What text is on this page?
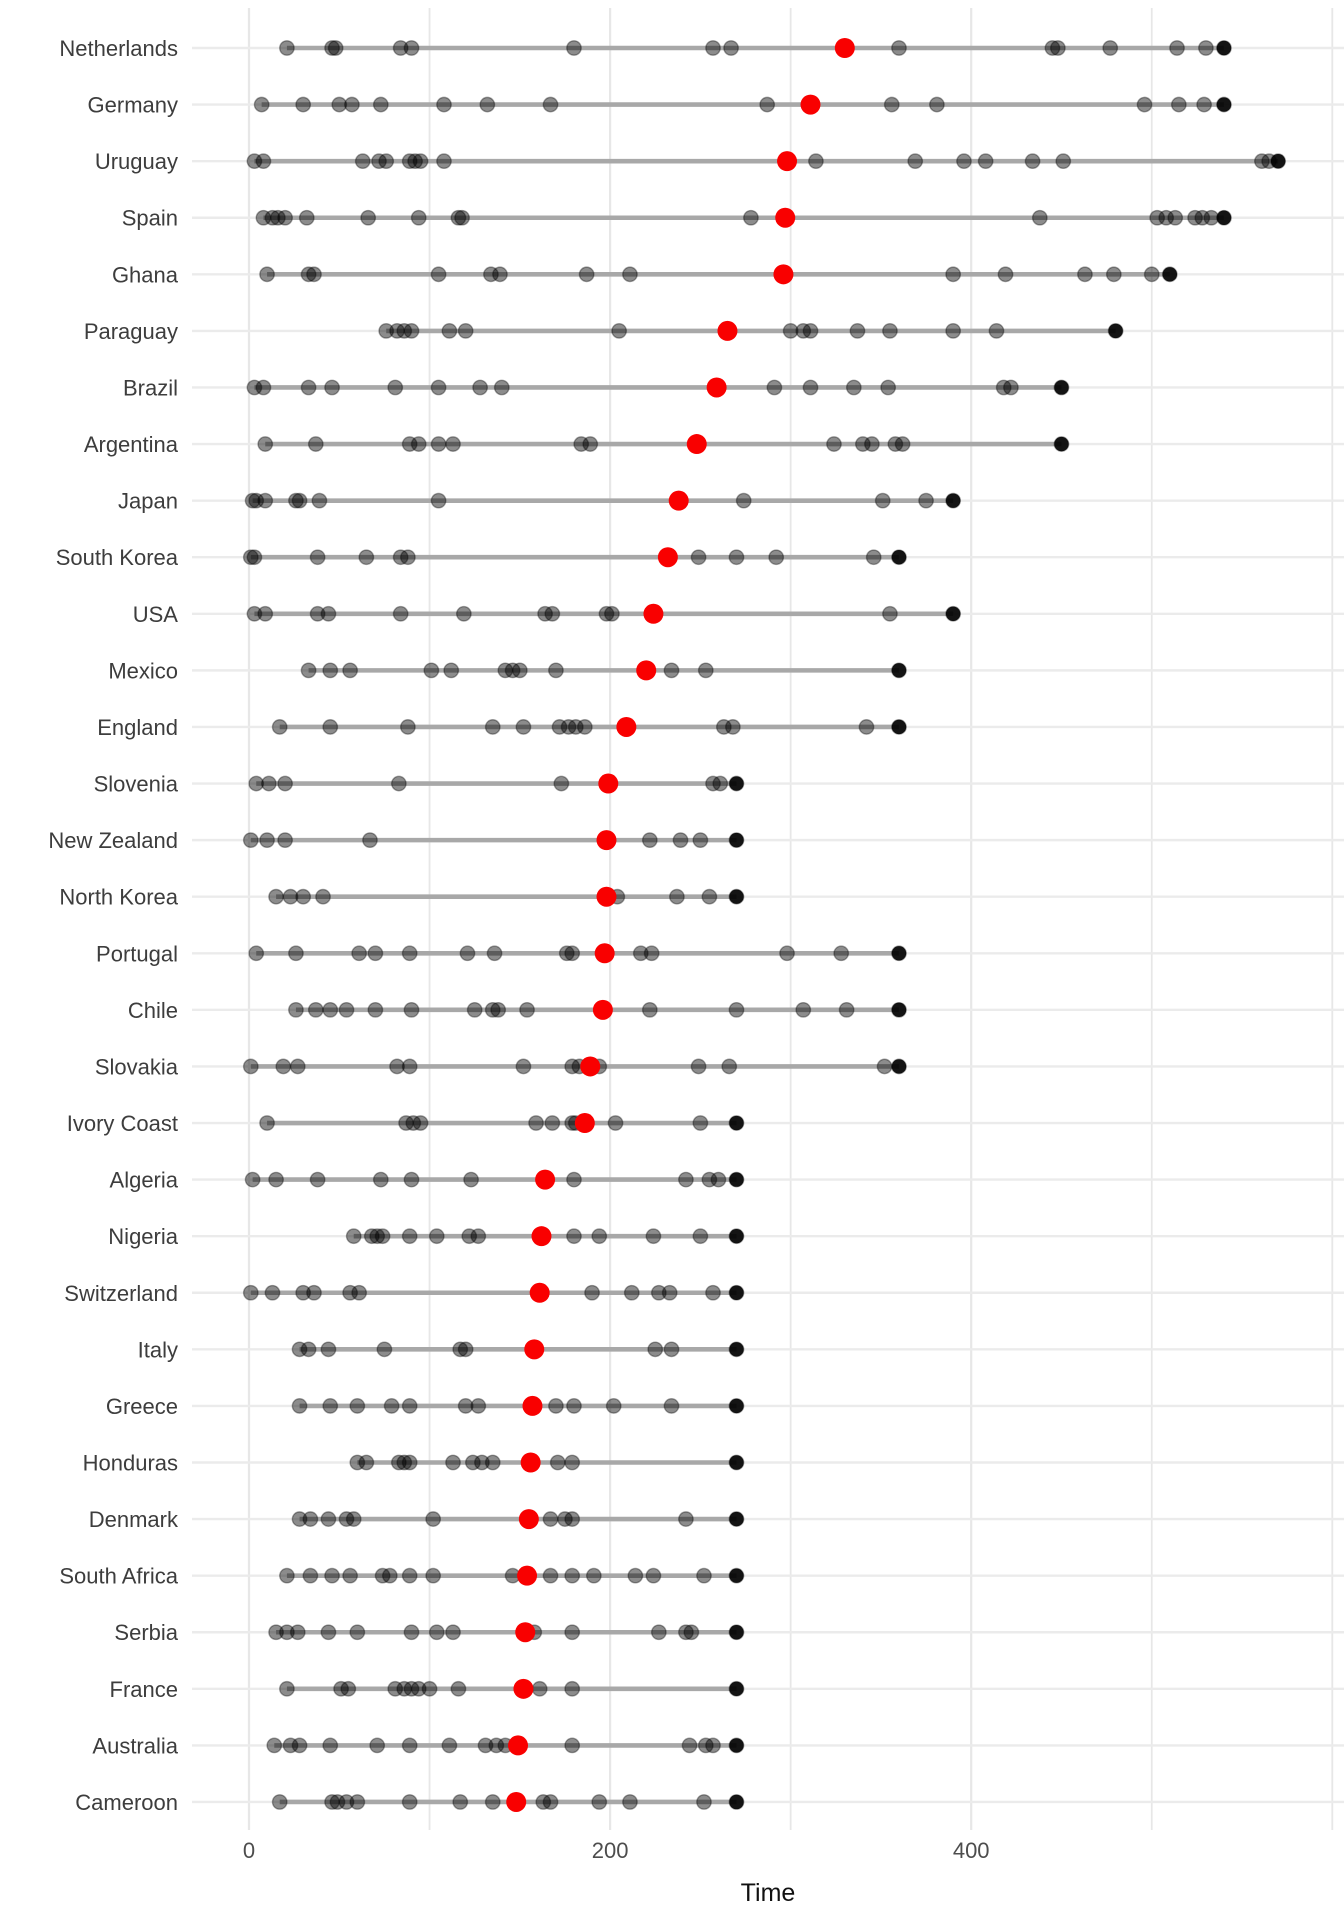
Netherlands
Germany
Uruguay
Spain
Ghana
Paraguay
Brazil
Argentina
Japan
South Korea
USA
Mexico
England
Slovenia
New Zealand
North Korea
Portugal
Chile
Slovakia
Ivory Coast
Algeria
Nigeria
Switzerland
Italy
Greece
Honduras
Denmark
South Africa
Serbia
France
Australia
Cameroon
0	200	400
Time
